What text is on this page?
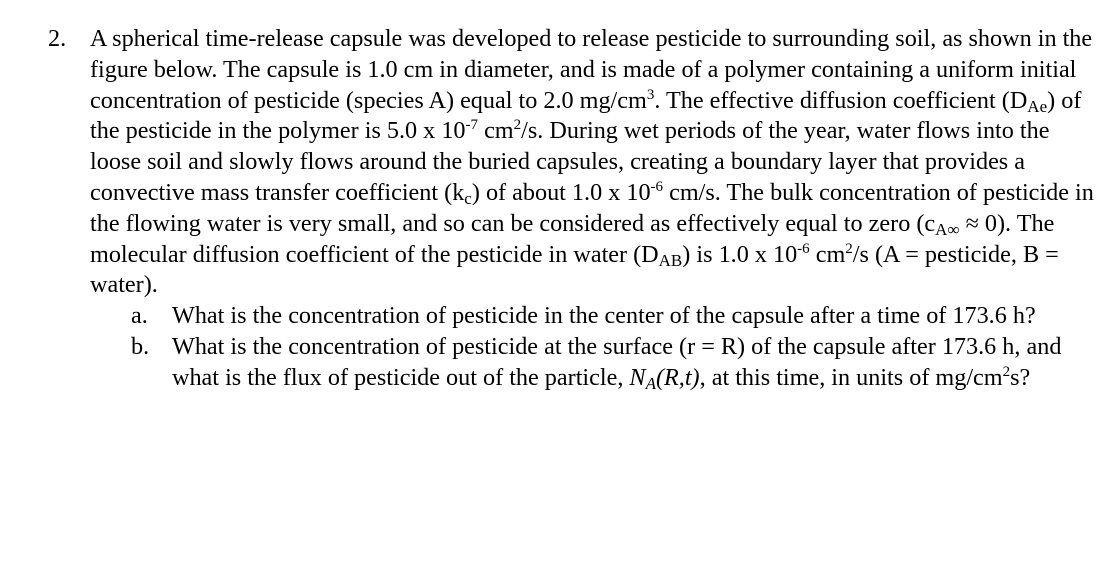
2. A spherical time-release capsule was developed to release pesticide to surrounding soil, as shown in the figure below. The capsule is 1.0 cm in diameter, and is made of a polymer containing a uniform initial concentration of pesticide (species A) equal to 2.0 $mg/cm^3$. The effective diffusion coefficient $(D_{Ae})$ of the pesticide in the polymer is 5.0 x $10^{-7}$ $cm^2/s$. During wet periods of the year, water flows into the loose soil and slowly flows around the buried capsules, creating a boundary layer that provides a convective mass transfer coefficient $(k_c)$ of about 1.0 x $10^{-6}$ cm/s. The bulk concentration of pesticide in the flowing water is very small, and so can be considered as effectively equal to zero $(c_{A\infty} \approx 0)$. The molecular diffusion coefficient of the pesticide in water $(D_{AB})$ is 1.0 x $10^{-6}$ $cm^2/s$ (A = pesticide, B = water).
a. What is the concentration of pesticide in the center of the capsule after a time of 173.6 h?
b. What is the concentration of pesticide at the surface (r = R) of the capsule after 173.6 h, and what is the flux of pesticide out of the particle, $N_A(R,t)$, at this time, in units of $mg/cm^2s$?
